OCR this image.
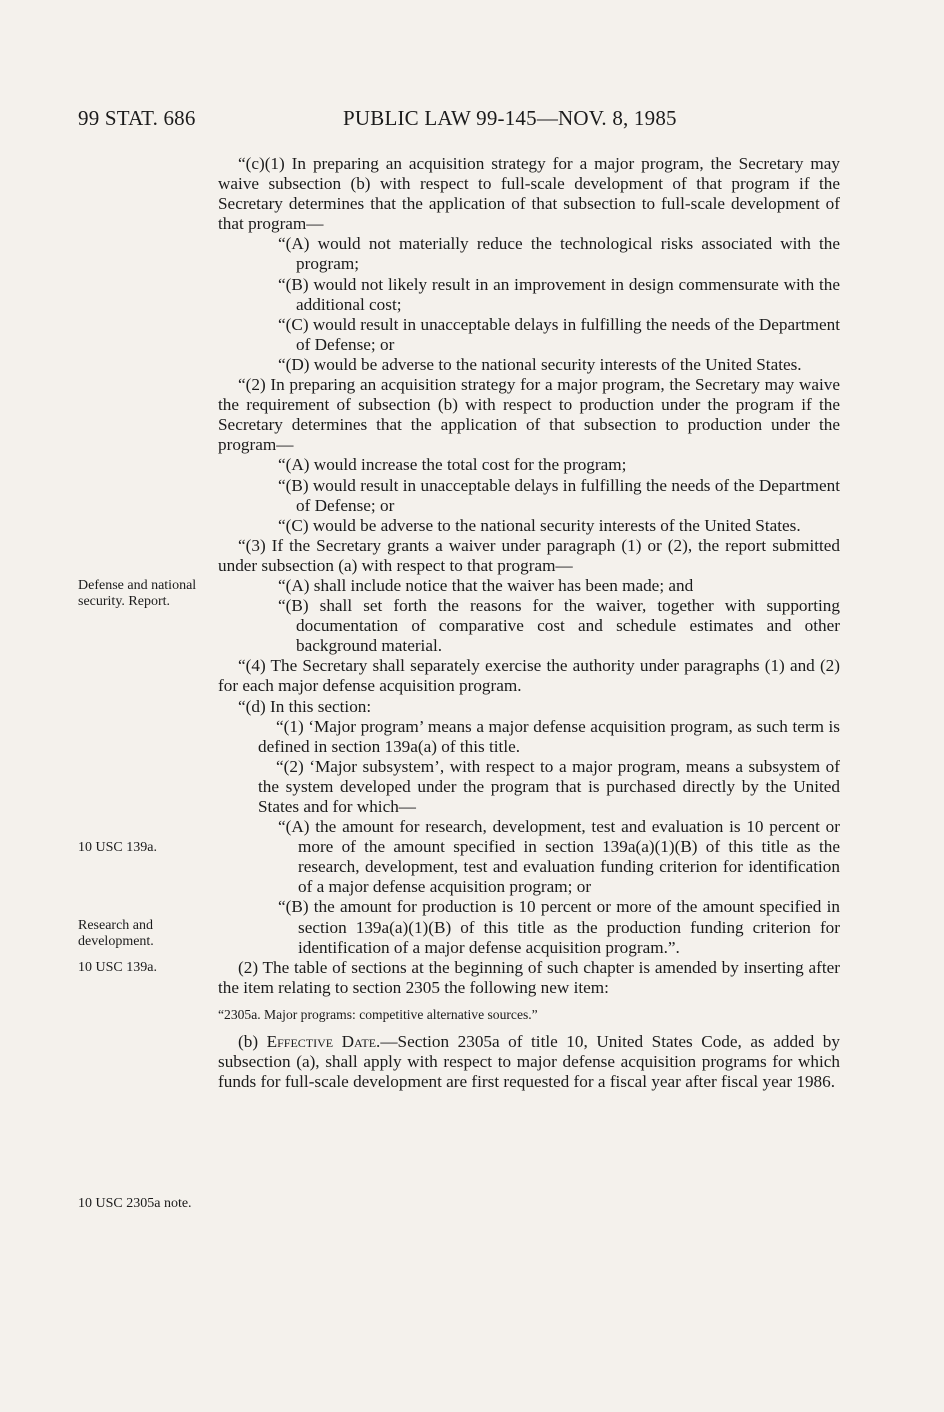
99 STAT. 686	PUBLIC LAW 99-145—NOV. 8, 1985
Defense and national security. Report.
10 USC 139a.
Research and development.
10 USC 139a.
10 USC 2305a note.

“(c)(1) In preparing an acquisition strategy for a major program, the Secretary may waive subsection (b) with respect to full-scale development of that program if the Secretary determines that the application of that subsection to full-scale development of that program—

“(A) would not materially reduce the technological risks associated with the program;

“(B) would not likely result in an improvement in design commensurate with the additional cost;

“(C) would result in unacceptable delays in fulfilling the needs of the Department of Defense; or

“(D) would be adverse to the national security interests of the United States.

“(2) In preparing an acquisition strategy for a major program, the Secretary may waive the requirement of subsection (b) with respect to production under the program if the Secretary determines that the application of that subsection to production under the program—

“(A) would increase the total cost for the program;

“(B) would result in unacceptable delays in fulfilling the needs of the Department of Defense; or

“(C) would be adverse to the national security interests of the United States.

“(3) If the Secretary grants a waiver under paragraph (1) or (2), the report submitted under subsection (a) with respect to that program—

“(A) shall include notice that the waiver has been made; and

“(B) shall set forth the reasons for the waiver, together with supporting documentation of comparative cost and schedule estimates and other background material.

“(4) The Secretary shall separately exercise the authority under paragraphs (1) and (2) for each major defense acquisition program.

“(d) In this section:

“(1) ‘Major program’ means a major defense acquisition program, as such term is defined in section 139a(a) of this title.

“(2) ‘Major subsystem’, with respect to a major program, means a subsystem of the system developed under the program that is purchased directly by the United States and for which—

“(A) the amount for research, development, test and evaluation is 10 percent or more of the amount specified in section 139a(a)(1)(B) of this title as the research, development, test and evaluation funding criterion for identification of a major defense acquisition program; or

“(B) the amount for production is 10 percent or more of the amount specified in section 139a(a)(1)(B) of this title as the production funding criterion for identification of a major defense acquisition program.”.

(2) The table of sections at the beginning of such chapter is amended by inserting after the item relating to section 2305 the following new item:

“2305a. Major programs: competitive alternative sources.”

(b) Effective Date.—Section 2305a of title 10, United States Code, as added by subsection (a), shall apply with respect to major defense acquisition programs for which funds for full-scale development are first requested for a fiscal year after fiscal year 1986.
